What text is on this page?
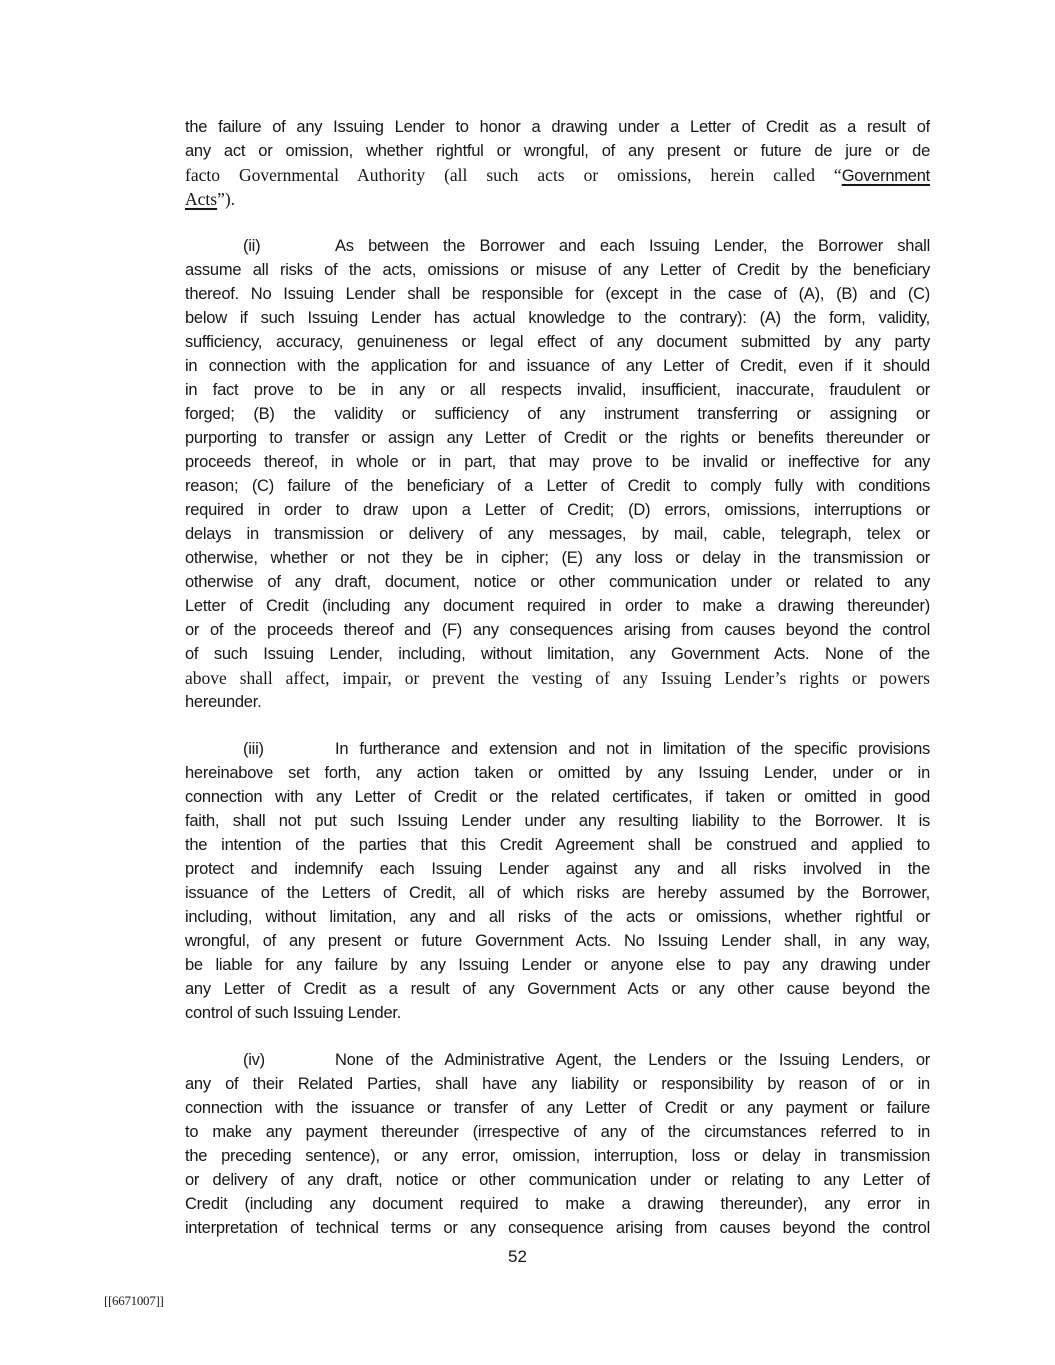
the failure of any Issuing Lender to honor a drawing under a Letter of Credit as a result of
any act or omission, whether rightful or wrongful, of any present or future de jure or de
facto Governmental Authority (all such acts or omissions, herein called “Government
Acts”).
(ii)	As between the Borrower and each Issuing Lender, the Borrower shall
assume all risks of the acts, omissions or misuse of any Letter of Credit by the beneficiary
thereof. No Issuing Lender shall be responsible for (except in the case of (A), (B) and (C)
below if such Issuing Lender has actual knowledge to the contrary): (A) the form, validity,
sufficiency, accuracy, genuineness or legal effect of any document submitted by any party
in connection with the application for and issuance of any Letter of Credit, even if it should
in fact prove to be in any or all respects invalid, insufficient, inaccurate, fraudulent or
forged; (B) the validity or sufficiency of any instrument transferring or assigning or
purporting to transfer or assign any Letter of Credit or the rights or benefits thereunder or
proceeds thereof, in whole or in part, that may prove to be invalid or ineffective for any
reason; (C) failure of the beneficiary of a Letter of Credit to comply fully with conditions
required in order to draw upon a Letter of Credit; (D) errors, omissions, interruptions or
delays in transmission or delivery of any messages, by mail, cable, telegraph, telex or
otherwise, whether or not they be in cipher; (E) any loss or delay in the transmission or
otherwise of any draft, document, notice or other communication under or related to any
Letter of Credit (including any document required in order to make a drawing thereunder)
or of the proceeds thereof and (F) any consequences arising from causes beyond the control
of such Issuing Lender, including, without limitation, any Government Acts. None of the
above shall affect, impair, or prevent the vesting of any Issuing Lender’s rights or powers
hereunder.
(iii)	In furtherance and extension and not in limitation of the specific provisions
hereinabove set forth, any action taken or omitted by any Issuing Lender, under or in
connection with any Letter of Credit or the related certificates, if taken or omitted in good
faith, shall not put such Issuing Lender under any resulting liability to the Borrower. It is
the intention of the parties that this Credit Agreement shall be construed and applied to
protect and indemnify each Issuing Lender against any and all risks involved in the
issuance of the Letters of Credit, all of which risks are hereby assumed by the Borrower,
including, without limitation, any and all risks of the acts or omissions, whether rightful or
wrongful, of any present or future Government Acts. No Issuing Lender shall, in any way,
be liable for any failure by any Issuing Lender or anyone else to pay any drawing under
any Letter of Credit as a result of any Government Acts or any other cause beyond the
control of such Issuing Lender.
(iv)	None of the Administrative Agent, the Lenders or the Issuing Lenders, or
any of their Related Parties, shall have any liability or responsibility by reason of or in
connection with the issuance or transfer of any Letter of Credit or any payment or failure
to make any payment thereunder (irrespective of any of the circumstances referred to in
the preceding sentence), or any error, omission, interruption, loss or delay in transmission
or delivery of any draft, notice or other communication under or relating to any Letter of
Credit (including any document required to make a drawing thereunder), any error in
interpretation of technical terms or any consequence arising from causes beyond the control
52
[[6671007]]
